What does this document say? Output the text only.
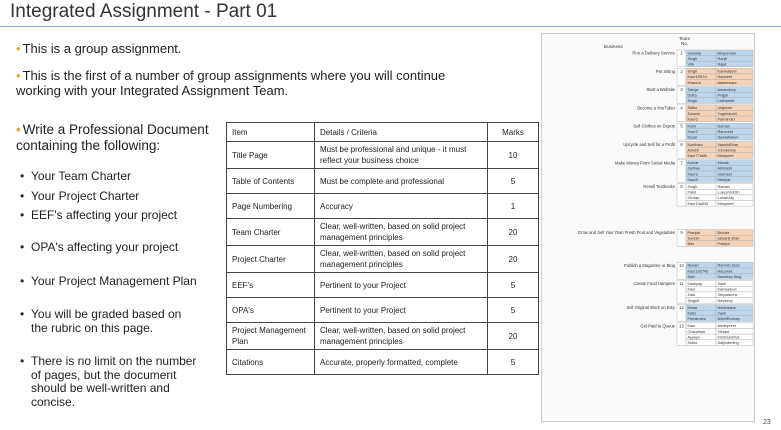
Integrated Assignment - Part 01
• This is a group assignment.
• This is the first of a number of group assignments where you will continue working with your Integrated Assignment Team.
• Write a Professional Document containing the following:
• Your Team Charter
• Your Project Charter
• EEF's affecting your project
• OPA's affecting your project
• Your Project Management Plan
• You will be graded based on the rubric on this page.
• There is no limit on the number of pages, but the document should be well-written and concise.
Item	Details / Criteria	Marks
Title Page	Must be professional and unique - it must reflect your business choice	10
Table of Contents	Must be complete and professional	5
Page Numbering	Accuracy	1
Team Charter	Clear, well-written, based on solid project management principles	20
Project Charter	Clear, well-written, based on solid project management principles	20
EEF's	Pertinent to your Project	5
OPA's	Pertinent to your Project	5
Project Management Plan	Clear, well-written, based on solid project management principles	20
Citations	Accurate, properly formatted, complete	5
Business
Team
No.
Run a Delivery Service 1 Garnida	Bhupender
Singh	Ranjit
Virk	Rajat
Pet Sitting 2 Singh	Kanwarjeet
Kaur1PA7d	Harpreet
Khanna	Aaleenkaur
Start a Website 3 Saluja	Amandeep
Dutta	Prajjal
Singh	Lakhpreet
Become a YouTuber 4 Sidhu	Jasjinder
Solanki	Yogishkohli
Kaur6	Parminder
Sell Clothes on Depop 5 Kohli	Daman
Kaur2	Ramneet
Desai	SwetaNaren
Upcycle and Sell for a Profit 6 Kuntham	VamshiDhar
Ashish	Johnkenny
Kaur77aMk	Manpreet
Make Money From Social Media 7 Kumar	Manak
Jadhav	Abhilash
Kaur3	Jasmeet
Kaur8	Veerpal
Resell Textbooks 8 Singh	Raman
Patel	LukeshGirish
Dholap	LahariJay
Kaur19a546 Manpreet
Grow and Sell Your Own Fresh Fruit and Vegetables 9 Pranjali	Brooke
Suresh	aswanij shan
Bisr	Prabjot
Publish a Magazine or Blog 10 Nesarl	Remnin stcel
Kaur192745 Harpreet
Sahi	Sandeep Sing
Create Food Hampers 11 Kashyap	Sahil
Kaur	Kanwarjeet
Zala	Shrpalsinhk
Singh8	Navdeep
Sell Original Work on Etsy 12 Desai	Hetanksha
Kalsi	Yash
Fernandes	NikhilRodney
Get Paid to Queue 13 Kaur	Amanpreet
Chaudhari	Vikrant
Ayyapu	KrishnaSriVa
Sidhu	Daljinderfing
23
